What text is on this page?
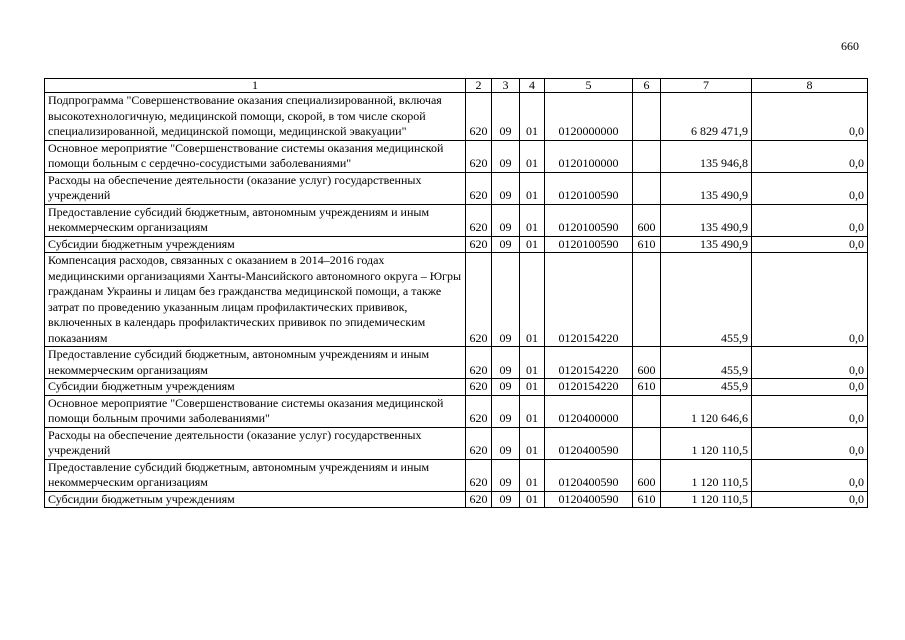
660
1	2	3	4	5	6	7	8
Подпрограмма "Совершенствование оказания специализированной, включая высокотехнологичную, медицинской помощи, скорой, в том числе скорой специализированной, медицинской помощи, медицинской эвакуации"	620	09	01	0120000000		6 829 471,9	0,0
Основное мероприятие "Совершенствование системы оказания медицинской помощи больным с сердечно-сосудистыми заболеваниями"	620	09	01	0120100000		135 946,8	0,0
Расходы на обеспечение деятельности (оказание услуг) государственных учреждений	620	09	01	0120100590		135 490,9	0,0
Предоставление субсидий бюджетным, автономным учреждениям и иным некоммерческим организациям	620	09	01	0120100590	600	135 490,9	0,0
Субсидии бюджетным учреждениям	620	09	01	0120100590	610	135 490,9	0,0
Компенсация расходов, связанных с оказанием в 2014–2016 годах медицинскими организациями Ханты-Мансийского автономного округа – Югры гражданам Украины и лицам без гражданства медицинской помощи, а также затрат по проведению указанным лицам профилактических прививок, включенных в календарь профилактических прививок по эпидемическим показаниям	620	09	01	0120154220		455,9	0,0
Предоставление субсидий бюджетным, автономным учреждениям и иным некоммерческим организациям	620	09	01	0120154220	600	455,9	0,0
Субсидии бюджетным учреждениям	620	09	01	0120154220	610	455,9	0,0
Основное мероприятие "Совершенствование системы оказания медицинской помощи больным прочими заболеваниями"	620	09	01	0120400000		1 120 646,6	0,0
Расходы на обеспечение деятельности (оказание услуг) государственных учреждений	620	09	01	0120400590		1 120 110,5	0,0
Предоставление субсидий бюджетным, автономным учреждениям и иным некоммерческим организациям	620	09	01	0120400590	600	1 120 110,5	0,0
Субсидии бюджетным учреждениям	620	09	01	0120400590	610	1 120 110,5	0,0
